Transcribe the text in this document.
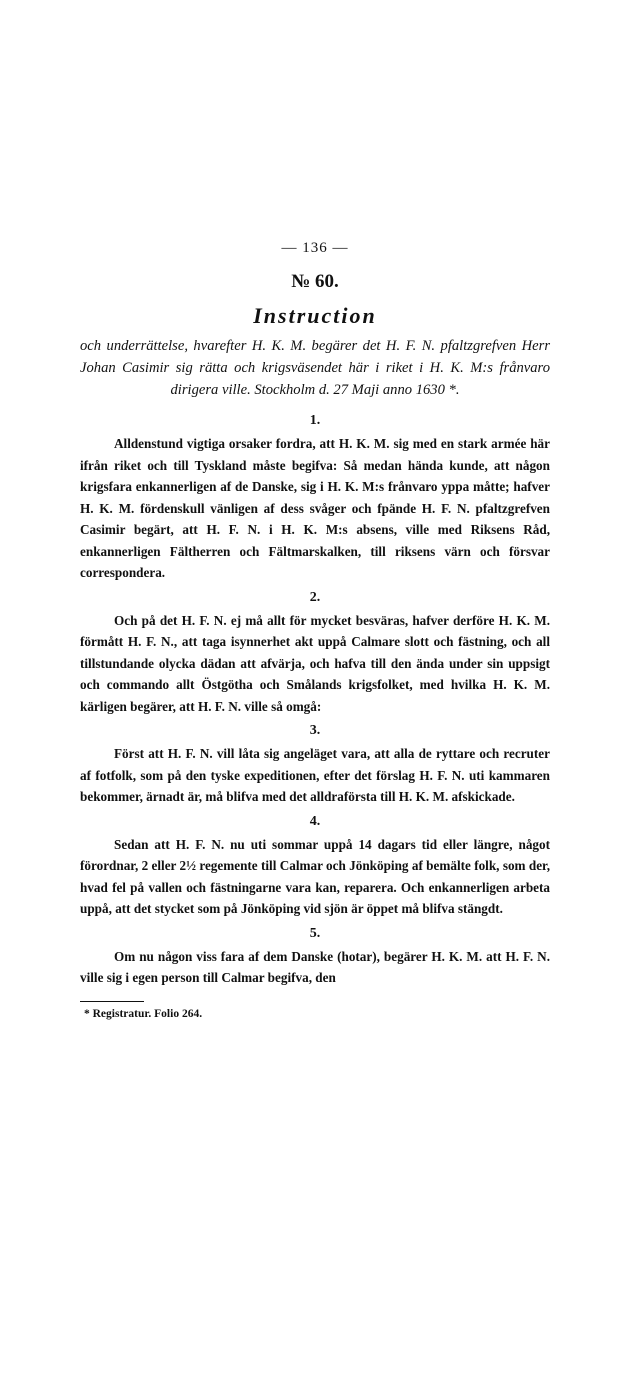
— 136 —
№ 60.
Instruction
och underrättelse, hvarefter H. K. M. begärer det H. F. N. pfaltzgrefven Herr Johan Casimir sig rätta och krigsväsendet här i riket i H. K. M:s frånvaro dirigera ville. Stockholm d. 27 Maji anno 1630 *.
1.

Alldenstund vigtiga orsaker fordra, att H. K. M. sig med en stark armée här ifrån riket och till Tyskland måste begifva: Så medan hända kunde, att någon krigsfara enkannerligen af de Danske, sig i H. K. M:s frånvaro yppa måtte; hafver H. K. M. fördenskull vänligen af dess svåger och fрände H. F. N. pfaltzgrefven Casimir begärt, att H. F. N. i H. K. M:s absens, ville med Riksens Råd, enkannerligen Fältherren och Fältmarskalken, till riksens värn och försvar correspondera.

2.

Och på det H. F. N. ej må allt för mycket besväras, hafver derföre H. K. M. förmått H. F. N., att taga isynnerhet akt uppå Calmare slott och fästning, och all tillstundande olycka dädan att afvärja, och hafva till den ända under sin uppsigt och commando allt Östgötha och Smålands krigsfolket, med hvilka H. K. M. kärligen begärer, att H. F. N. ville så omgå:

3.

Först att H. F. N. vill låta sig angeläget vara, att alla de ryttare och recruter af fotfolk, som på den tyske expeditionen, efter det förslag H. F. N. uti kammaren bekommer, ärnadt är, må blifva med det alldraförsta till H. K. M. afskickade.

4.

Sedan att H. F. N. nu uti sommar uppå 14 dagars tid eller längre, något förordnar, 2 eller 2½ regemente till Calmar och Jönköping af bemälte folk, som der, hvad fel på vallen och fästningarne vara kan, reparera. Och enkannerligen arbeta uppå, att det stycket som på Jönköping vid sjön är öppet må blifva stängdt.

5.

Om nu någon viss fara af dem Danske (hotar), begärer H. K. M. att H. F. N. ville sig i egen person till Calmar begifva, den

* Registratur. Folio 264.
